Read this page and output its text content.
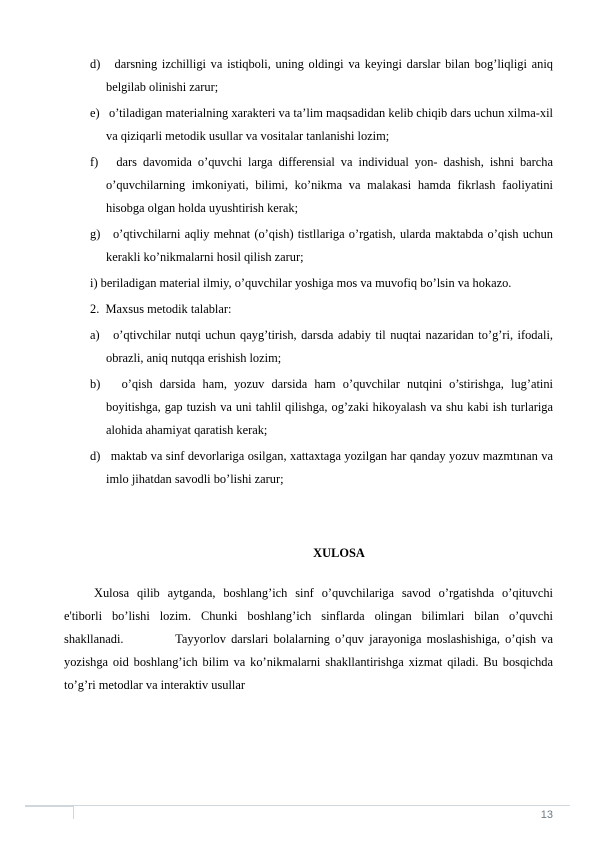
d)   darsning izchilligi va istiqboli, uning oldingi va keyingi darslar bilan bog’liqligi aniq belgilab olinishi zarur;

e)   o’tiladigan materialning xarakteri va ta’lim maqsadidan kelib chiqib dars uchun xilma-xil va qiziqarli metodik usullar va vositalar tanlanishi lozim;

f)   dars davomida o’quvchi larga differensial va individual yon- dashish, ishni barcha o’quvchilarning imkoniyati, bilimi, ko’nikma va malakasi hamda fikrlash faoliyatini hisobga olgan holda uyushtirish kerak;

g)   o’qtivchilarni aqliy mehnat (o’qish) tistllariga o’rgatish, ularda maktabda o’qish uchun kerakli ko’nikmalarni hosil qilish zarur;

i) beriladigan material ilmiy, o’quvchilar yoshiga mos va muvofiq bo’lsin va hokazo.

2.  Maxsus metodik talablar:

a)   o’qtivchilar nutqi uchun qayg’tirish, darsda adabiy til nuqtai nazaridan to’g’ri, ifodali, obrazli, aniq nutqqa erishish lozim;

b)   o’qish darsida ham, yozuv darsida ham o’quvchilar nutqini o’stirishga, lug’atini boyitishga, gap tuzish va uni tahlil qilishga, og’zaki hikoyalash va shu kabi ish turlariga alohida ahamiyat qaratish kerak;

d)   maktab va sinf devorlariga osilgan, xattaxtaga yozilgan har qanday yozuv mazmtınan va imlo jihatdan savodli bo’lishi zarur;

XULOSA

Xulosa qilib aytganda, boshlang’ich sinf o’quvchilariga savod o’rgatishda o’qituvchi e'tiborli bo’lishi lozim. Chunki boshlang’ich sinflarda olingan bilimlari bilan o’quvchi shakllanadi.          Tayyorlov darslari bolalarning o’quv jarayoniga moslashishiga, o’qish va yozishga oid boshlang’ich bilim va ko’nikmalarni shakllantirishga xizmat qiladi. Bu bosqichda to’g’ri metodlar va interaktiv usullar

13
